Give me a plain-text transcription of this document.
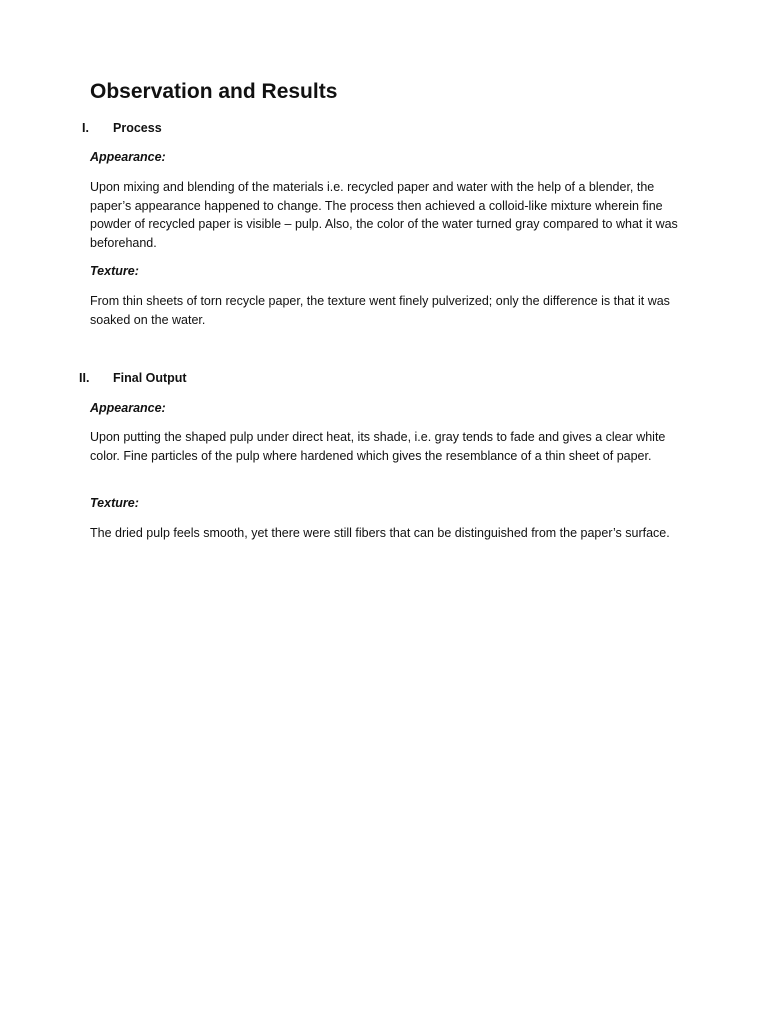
Observation and Results
I. Process

Appearance:

Upon mixing and blending of the materials i.e. recycled paper and water with the help of a blender, the paper’s appearance happened to change. The process then achieved a colloid-like mixture wherein fine powder of recycled paper is visible – pulp. Also, the color of the water turned gray compared to what it was beforehand.

Texture:

From thin sheets of torn recycle paper, the texture went finely pulverized; only the difference is that it was soaked on the water.

II. Final Output

Appearance:

Upon putting the shaped pulp under direct heat, its shade, i.e. gray tends to fade and gives a clear white color. Fine particles of the pulp where hardened which gives the resemblance of a thin sheet of paper.

Texture:

The dried pulp feels smooth, yet there were still fibers that can be distinguished from the paper’s surface.
